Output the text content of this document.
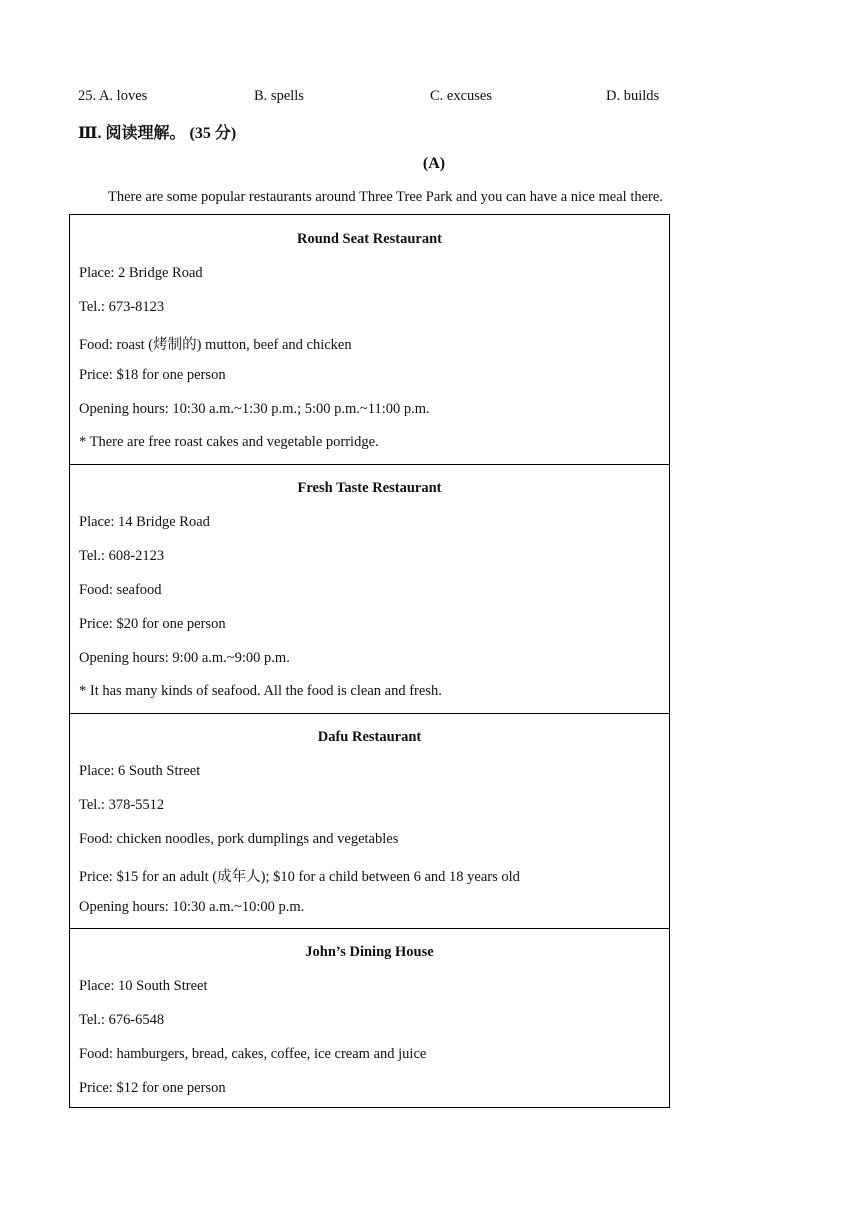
25. A. loves	B. spells	C. excuses	D. builds
Ⅲ. 阅读理解。 (35 分)
(A)
There are some popular restaurants around Three Tree Park and you can have a nice meal there.
Round Seat Restaurant
Place: 2 Bridge Road
Tel.: 673-8123
Food: roast (烤制的) mutton, beef and chicken
Price: $18 for one person
Opening hours: 10:30 a.m.~1:30 p.m.; 5:00 p.m.~11:00 p.m.
* There are free roast cakes and vegetable porridge.
Fresh Taste Restaurant
Place: 14 Bridge Road
Tel.: 608-2123
Food: seafood
Price: $20 for one person
Opening hours: 9:00 a.m.~9:00 p.m.
* It has many kinds of seafood. All the food is clean and fresh.
Dafu Restaurant
Place: 6 South Street
Tel.: 378-5512
Food: chicken noodles, pork dumplings and vegetables
Price: $15 for an adult (成年人); $10 for a child between 6 and 18 years old
Opening hours: 10:30 a.m.~10:00 p.m.
John’s Dining House
Place: 10 South Street
Tel.: 676-6548
Food: hamburgers, bread, cakes, coffee, ice cream and juice
Price: $12 for one person
